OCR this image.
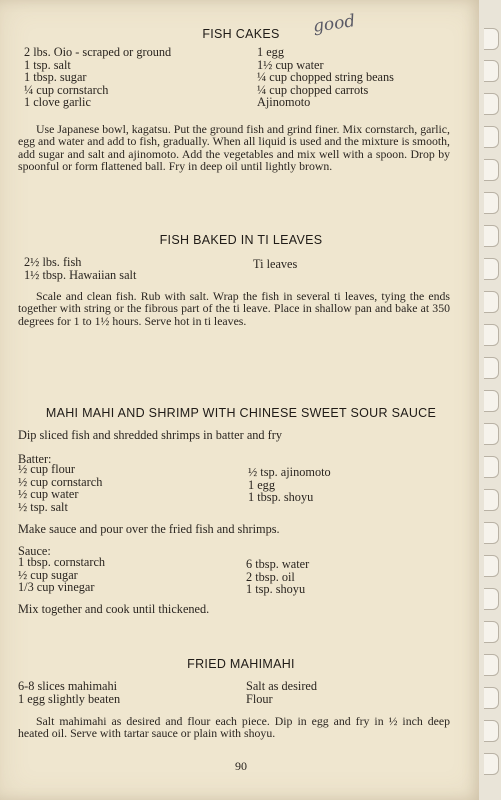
FISH CAKES	good
2 lbs. Oio - scraped or ground
1 tsp. salt
1 tbsp. sugar
¼ cup cornstarch
1 clove garlic
1 egg
1½ cup water
¼ cup chopped string beans
¼ cup chopped carrots
Ajinomoto
Use Japanese bowl, kagatsu. Put the ground fish and grind finer. Mix cornstarch, garlic, egg and water and add to fish, gradually. When all liquid is used and the mixture is smooth, add sugar and salt and ajinomoto. Add the vegetables and mix well with a spoon. Drop by spoonful or form flattened ball. Fry in deep oil until lightly brown.
FISH BAKED IN TI LEAVES
2½ lbs. fish
1½ tbsp. Hawaiian salt
Ti leaves
Scale and clean fish. Rub with salt. Wrap the fish in several ti leaves, tying the ends together with string or the fibrous part of the ti leave. Place in shallow pan and bake at 350 degrees for 1 to 1½ hours. Serve hot in ti leaves.
MAHI MAHI AND SHRIMP WITH CHINESE SWEET SOUR SAUCE
Dip sliced fish and shredded shrimps in batter and fry
Batter:
½ cup flour
½ cup cornstarch
½ cup water
½ tsp. salt
½ tsp. ajinomoto
1 egg
1 tbsp. shoyu
Make sauce and pour over the fried fish and shrimps.
Sauce:
1 tbsp. cornstarch
½ cup sugar
1/3 cup vinegar
6 tbsp. water
2 tbsp. oil
1 tsp. shoyu
Mix together and cook until thickened.
FRIED MAHIMAHI
6-8 slices mahimahi
1 egg slightly beaten
Salt as desired
Flour
Salt mahimahi as desired and flour each piece. Dip in egg and fry in ½ inch deep heated oil. Serve with tartar sauce or plain with shoyu.
90
